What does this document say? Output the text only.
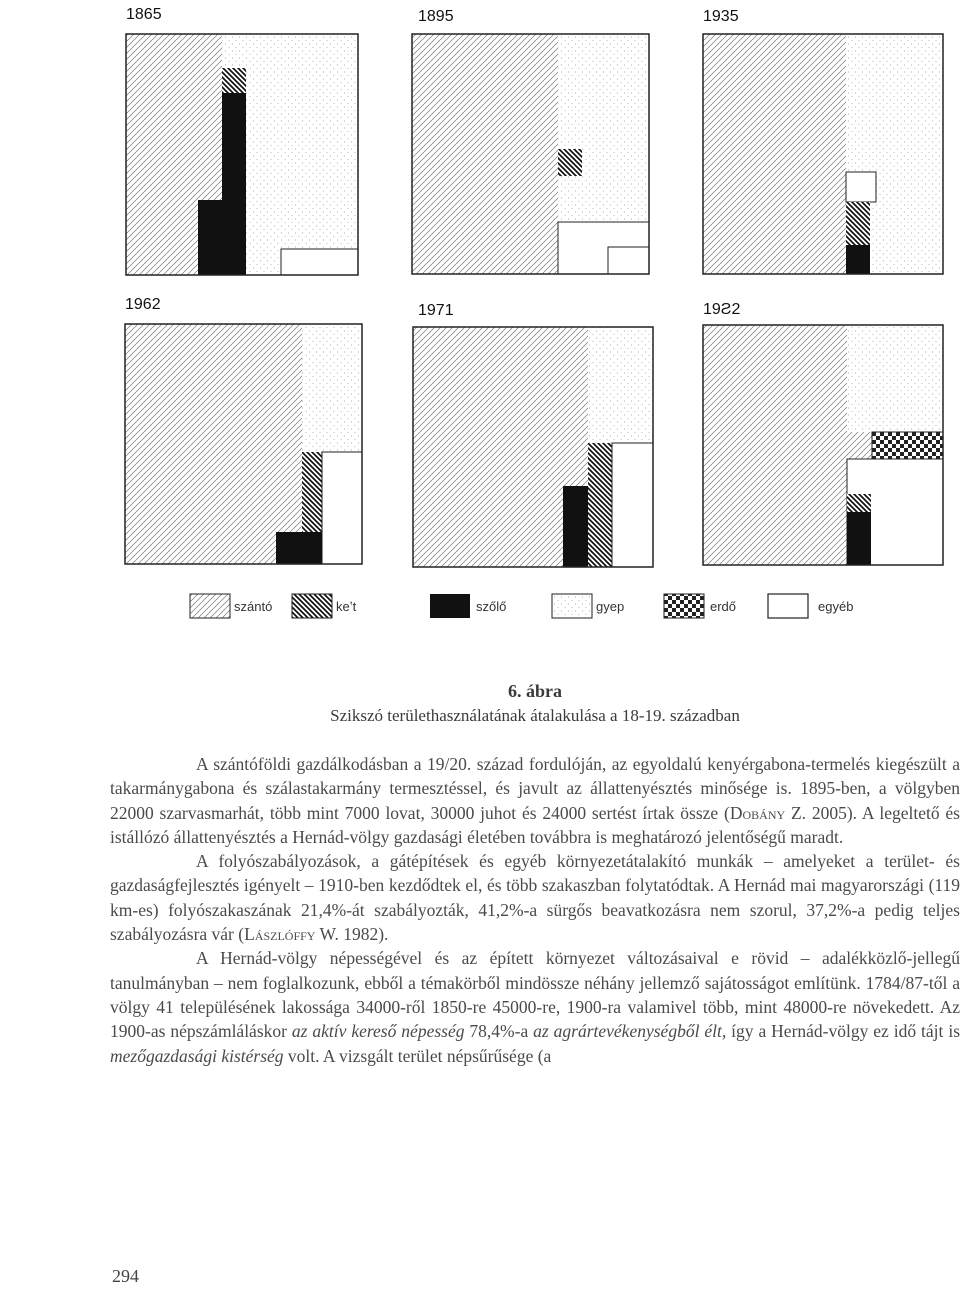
1865	1895	1935
1962	1971	19Ƨ2
szántó	keʽt	szőlő	gyep	erdő	egyéb
6. ábra
Szikszó területhasználatának átalakulása a 18-19. században

A szántóföldi gazdálkodásban a 19/20. század fordulóján, az egyoldalú kenyérgabona-termelés kiegészült a takarmánygabona és szálastakarmány termesztéssel, és javult az állattenyésztés minősége is. 1895-ben, a völgyben 22000 szarvasmarhát, több mint 7000 lovat, 30000 juhot és 24000 sertést írtak össze (Dobány Z. 2005). A legeltető és istállózó állattenyésztés a Hernád-völgy gazdasági életében továbbra is meghatározó jelentőségű maradt.

A folyószabályozások, a gátépítések és egyéb környezetátalakító munkák – amelyeket a terület- és gazdaságfejlesztés igényelt – 1910-ben kezdődtek el, és több szakaszban folytatódtak. A Hernád mai magyarországi (119 km-es) folyószakaszának 21,4%-át szabályozták, 41,2%-a sürgős beavatkozásra nem szorul, 37,2%-a pedig teljes szabályozásra vár (Lászlóffy W. 1982).

A Hernád-völgy népességével és az épített környezet változásaival e rövid – adalékközlő-jellegű tanulmányban – nem foglalkozunk, ebből a témakörből mindössze néhány jellemző sajátosságot említünk. 1784/87-től a völgy 41 településének lakossága 34000-ről 1850-re 45000-re, 1900-ra valamivel több, mint 48000-re növekedett. Az 1900-as népszámláláskor az aktív kereső népesség 78,4%-a az agrártevékenységből élt, így a Hernád-völgy ez idő tájt is mezőgazdasági kistérség volt. A vizsgált terület népsűrűsége (a

294
